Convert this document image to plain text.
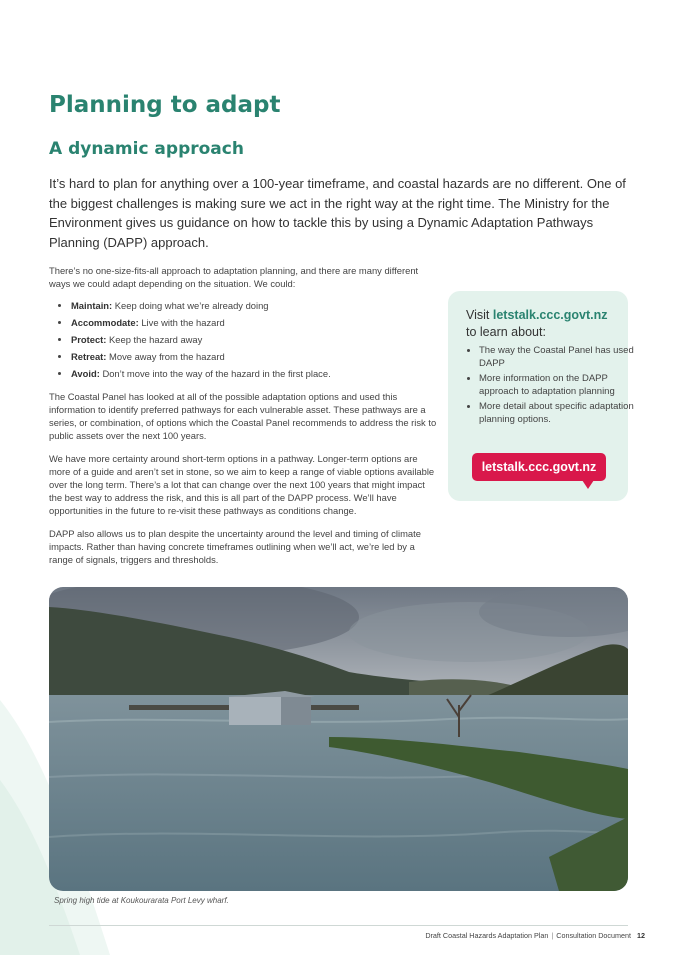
Planning to adapt
A dynamic approach

It’s hard to plan for anything over a 100-year timeframe, and coastal hazards are no different. One of the biggest challenges is making sure we act in the right way at the right time. The Ministry for the Environment gives us guidance on how to tackle this by using a Dynamic Adaptation Pathways Planning (DAPP) approach.

There’s no one-size-fits-all approach to adaptation planning, and there are many different ways we could adapt depending on the situation. We could:

• Maintain: Keep doing what we’re already doing
• Accommodate: Live with the hazard
• Protect: Keep the hazard away
• Retreat: Move away from the hazard
• Avoid: Don’t move into the way of the hazard in the first place.

The Coastal Panel has looked at all of the possible adaptation options and used this information to identify preferred pathways for each vulnerable asset. These pathways are a series, or combination, of options which the Coastal Panel recommends to address the risk to public assets over the next 100 years.

We have more certainty around short-term options in a pathway. Longer-term options are more of a guide and aren’t set in stone, so we aim to keep a range of viable options available over the long term. There’s a lot that can change over the next 100 years that might impact the best way to address the risk, and this is all part of the DAPP process. We’ll have opportunities in the future to re-visit these pathways as conditions change.

DAPP also allows us to plan despite the uncertainty around the level and timing of climate impacts. Rather than having concrete timeframes outlining when we’ll act, we’re led by a range of signals, triggers and thresholds.

Visit letstalk.ccc.govt.nz
to learn about:
• The way the Coastal Panel has used DAPP
• More information on the DAPP approach to adaptation planning
• More detail about specific adaptation planning options.
letstalk.ccc.govt.nz

Spring high tide at Koukourarata Port Levy wharf.

Draft Coastal Hazards Adaptation Plan | Consultation Document 12
